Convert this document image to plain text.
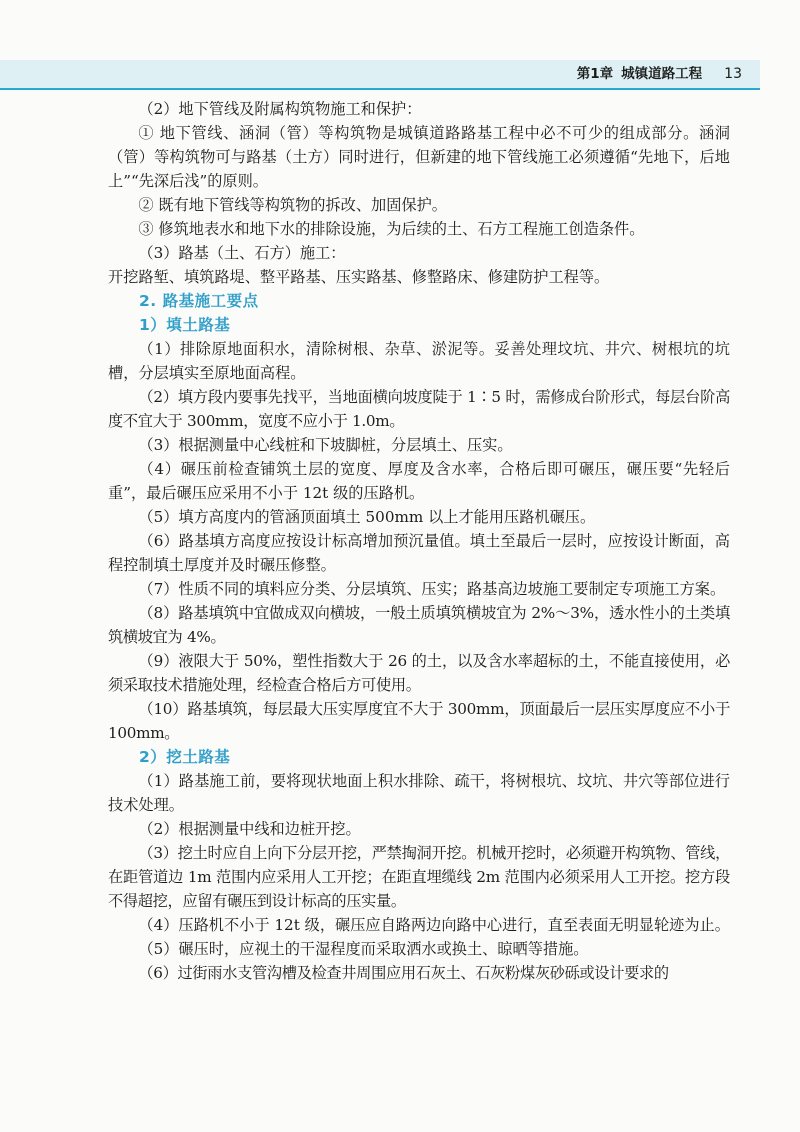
第1章 城镇道路工程 13

（2）地下管线及附属构筑物施工和保护：

① 地下管线、涵洞（管）等构筑物是城镇道路路基工程中必不可少的组成部分。涵洞（管）等构筑物可与路基（土方）同时进行，但新建的地下管线施工必须遵循“先地下，后地上”“先深后浅”的原则。

② 既有地下管线等构筑物的拆改、加固保护。

③ 修筑地表水和地下水的排除设施，为后续的土、石方工程施工创造条件。

（3）路基（土、石方）施工：

开挖路堑、填筑路堤、整平路基、压实路基、修整路床、修建防护工程等。

2. 路基施工要点

1）填土路基

（1）排除原地面积水，清除树根、杂草、淤泥等。妥善处理坟坑、井穴、树根坑的坑槽，分层填实至原地面高程。

（2）填方段内要事先找平，当地面横向坡度陡于 1∶5 时，需修成台阶形式，每层台阶高度不宜大于 300mm，宽度不应小于 1.0m。

（3）根据测量中心线桩和下坡脚桩，分层填土、压实。

（4）碾压前检查铺筑土层的宽度、厚度及含水率，合格后即可碾压，碾压要“先轻后重”，最后碾压应采用不小于 12t 级的压路机。

（5）填方高度内的管涵顶面填土 500mm 以上才能用压路机碾压。

（6）路基填方高度应按设计标高增加预沉量值。填土至最后一层时，应按设计断面，高程控制填土厚度并及时碾压修整。

（7）性质不同的填料应分类、分层填筑、压实；路基高边坡施工要制定专项施工方案。

（8）路基填筑中宜做成双向横坡，一般土质填筑横坡宜为 2%～3%，透水性小的土类填筑横坡宜为 4%。

（9）液限大于 50%，塑性指数大于 26 的土，以及含水率超标的土，不能直接使用，必须采取技术措施处理，经检查合格后方可使用。

（10）路基填筑，每层最大压实厚度宜不大于 300mm，顶面最后一层压实厚度应不小于 100mm。

2）挖土路基

（1）路基施工前，要将现状地面上积水排除、疏干，将树根坑、坟坑、井穴等部位进行技术处理。

（2）根据测量中线和边桩开挖。

（3）挖土时应自上向下分层开挖，严禁掏洞开挖。机械开挖时，必须避开构筑物、管线，在距管道边 1m 范围内应采用人工开挖；在距直埋缆线 2m 范围内必须采用人工开挖。挖方段不得超挖，应留有碾压到设计标高的压实量。

（4）压路机不小于 12t 级，碾压应自路两边向路中心进行，直至表面无明显轮迹为止。

（5）碾压时，应视土的干湿程度而采取洒水或换土、晾晒等措施。

（6）过街雨水支管沟槽及检查井周围应用石灰土、石灰粉煤灰砂砾或设计要求的
